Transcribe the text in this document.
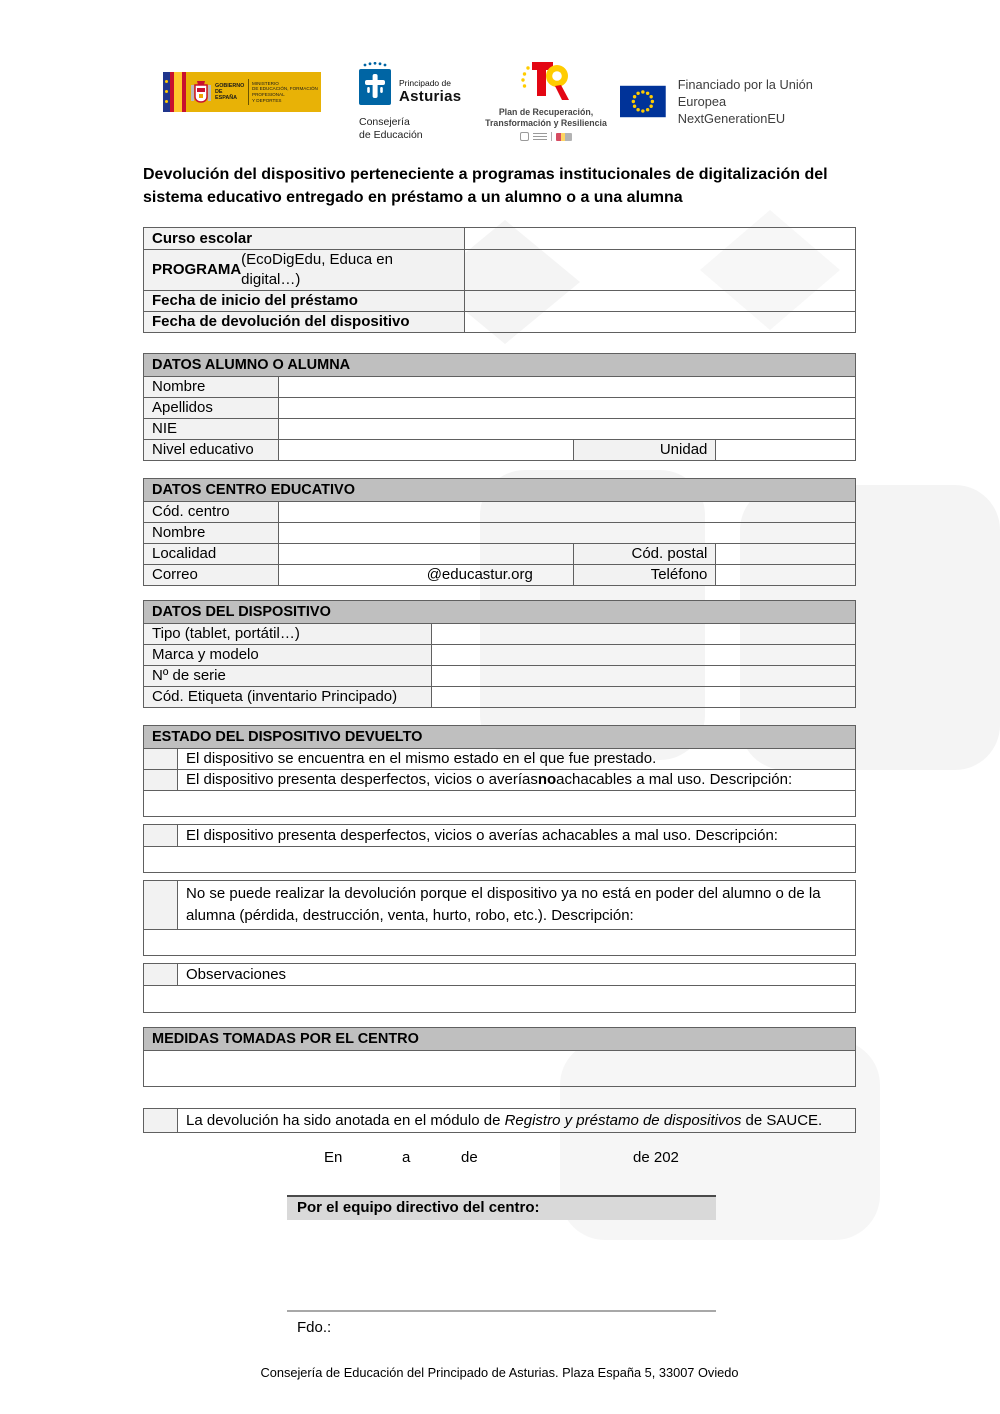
GOBIERNO
DE ESPAÑA
MINISTERIO
DE EDUCACIÓN, FORMACIÓN PROFESIONAL
Y DEPORTES
Principado de
Asturias
Consejería
de Educación
Plan de Recuperación,
Transformación y Resiliencia
Financiado por la Unión Europea
NextGenerationEU
Devolución del dispositivo perteneciente a programas institucionales de digitalización del sistema educativo entregado en préstamo a un alumno o a una alumna
Curso escolar
PROGRAMA
(EcoDigEdu, Educa en digital…)
Fecha de inicio del préstamo
Fecha de devolución del dispositivo
DATOS ALUMNO O ALUMNA
Nombre
Apellidos
NIE
Nivel educativo	Unidad
DATOS CENTRO EDUCATIVO
Cód. centro
Nombre
Localidad	Cód. postal
Correo	@educastur.org	Teléfono
DATOS DEL DISPOSITIVO
Tipo (tablet, portátil…)
Marca y modelo
Nº de serie
Cód. Etiqueta (inventario Principado)
ESTADO DEL DISPOSITIVO DEVUELTO
El dispositivo se encuentra en el mismo estado en el que fue prestado.
El dispositivo presenta desperfectos, vicios o averías no achacables a mal uso. Descripción:
El dispositivo presenta desperfectos, vicios o averías achacables a mal uso. Descripción:
No se puede realizar la devolución porque el dispositivo ya no está en poder del alumno o de la alumna (pérdida, destrucción, venta, hurto, robo, etc.). Descripción:
Observaciones
MEDIDAS TOMADAS POR EL CENTRO
La devolución ha sido anotada en el módulo de Registro y préstamo de dispositivos de SAUCE.
En	a	de	de 202
Por el equipo directivo del centro:
Fdo.:
Consejería de Educación del Principado de Asturias. Plaza España 5, 33007 Oviedo
